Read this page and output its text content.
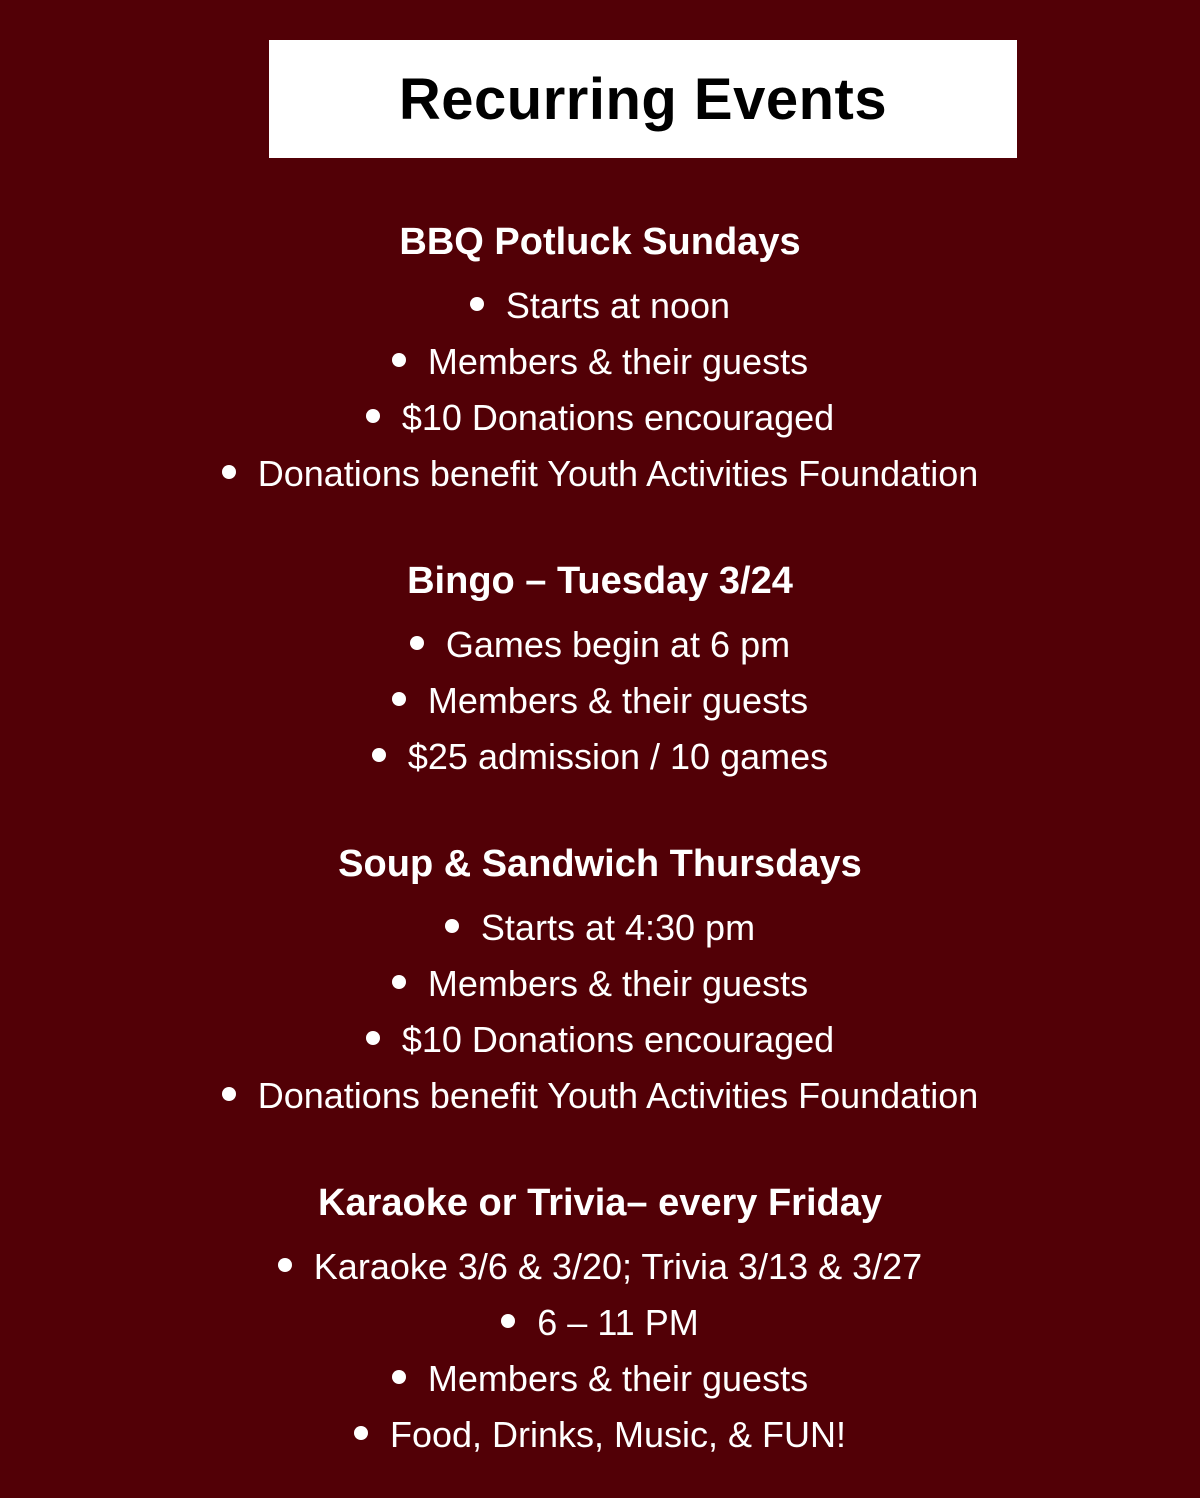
Recurring Events
BBQ Potluck Sundays
Starts at noon
Members & their guests
$10 Donations encouraged
Donations benefit Youth Activities Foundation
Bingo – Tuesday 3/24
Games begin at 6 pm
Members & their guests
$25 admission / 10 games
Soup & Sandwich Thursdays
Starts at 4:30 pm
Members & their guests
$10 Donations encouraged
Donations benefit Youth Activities Foundation
Karaoke or Trivia– every Friday
Karaoke 3/6 & 3/20; Trivia 3/13 & 3/27
6 – 11 PM
Members & their guests
Food, Drinks, Music, & FUN!
